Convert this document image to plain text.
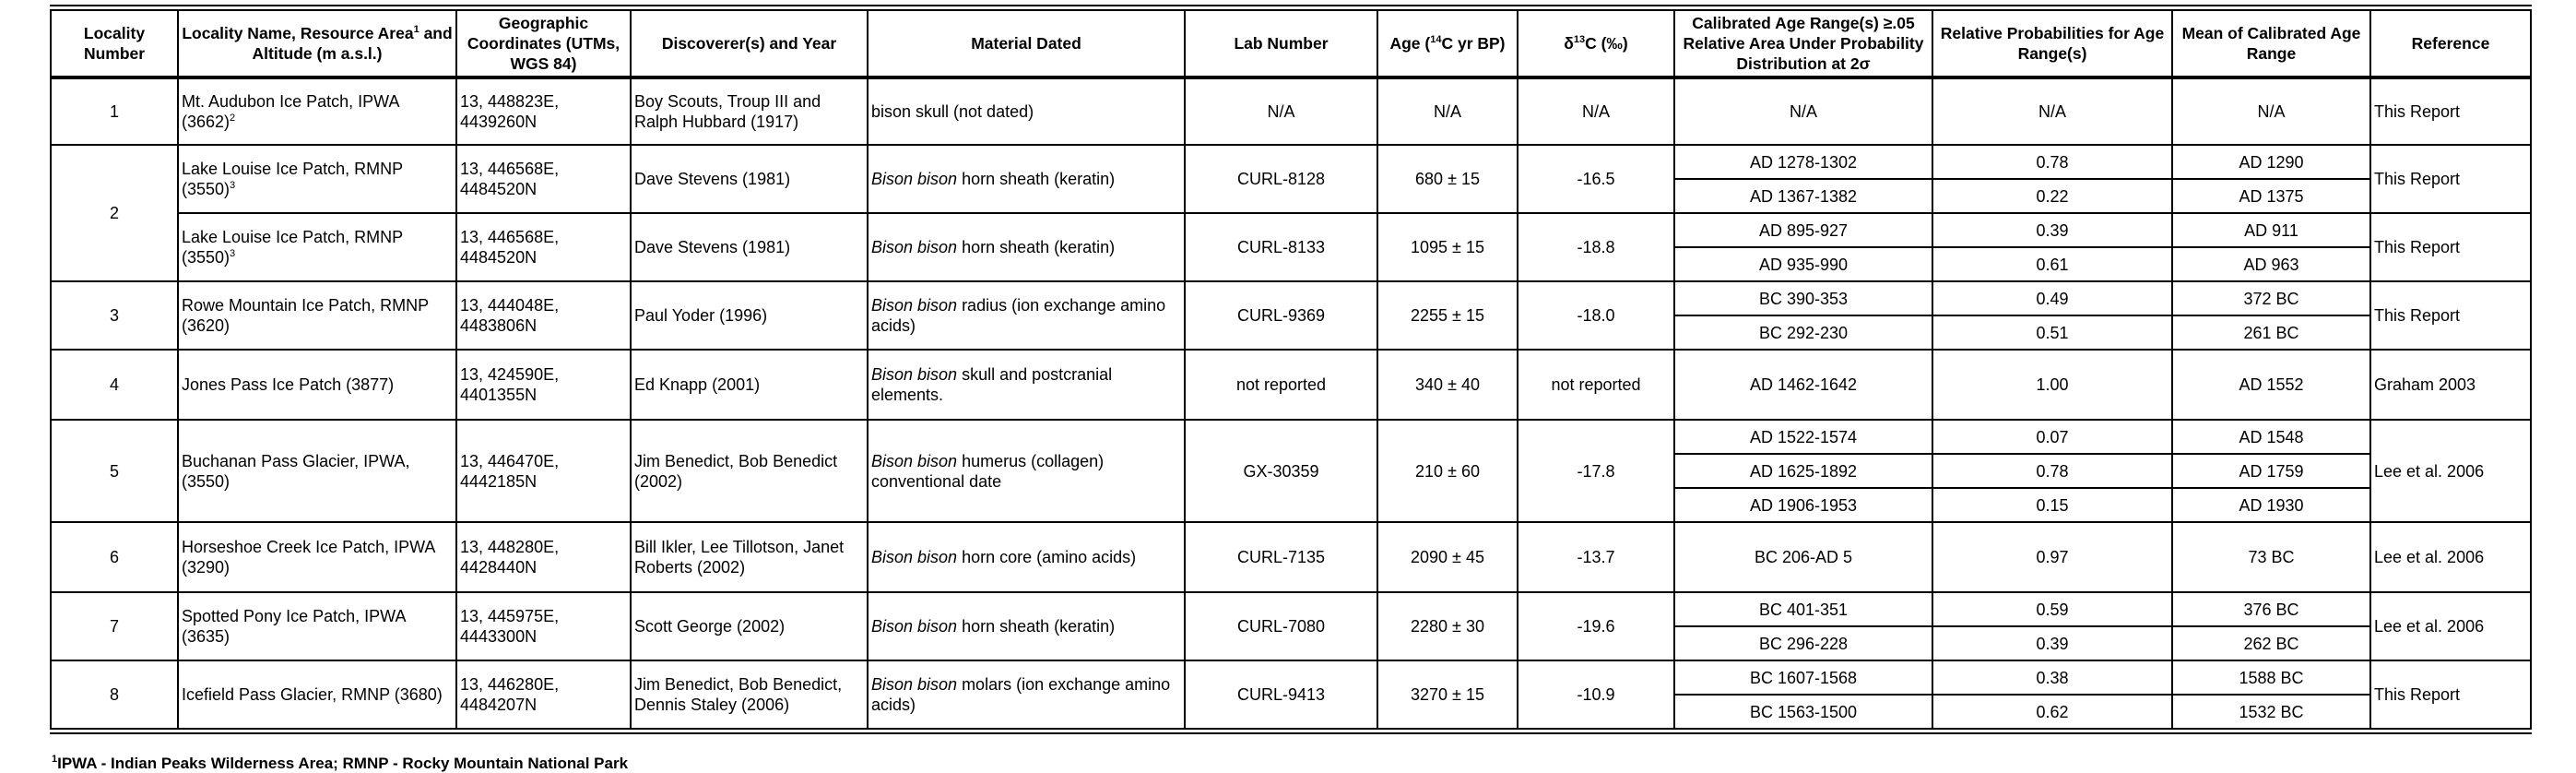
Locality Number	Locality Name, Resource Area$^1$ and Altitude (m a.s.l.)	Geographic Coordinates (UTMs, WGS 84)	Discoverer(s) and Year	Material Dated	Lab Number	Age ($^{14}$C yr BP)	$\delta^{13}C$ (‰)	Calibrated Age Range(s) ≥.05 Relative Area Under Probability Distribution at 2σ	Relative Probabilities for Age Range(s)	Mean of Calibrated Age Range	Reference
1	Mt. Audubon Ice Patch, IPWA $(3662)^2$	13, 448823E, 4439260N	Boy Scouts, Troup III and Ralph Hubbard (1917)	bison skull (not dated)	N/A	N/A	N/A	N/A	N/A	N/A	This Report
2	Lake Louise Ice Patch, RMNP $(3550)^3$	13, 446568E, 4484520N	Dave Stevens (1981)	Bison bison horn sheath (keratin)	CURL-8128	680 ± 15	-16.5	AD 1278-1302	0.78	AD 1290	This Report
								AD 1367-1382	0.22	AD 1375	
	Lake Louise Ice Patch, RMNP $(3550)^3$	13, 446568E, 4484520N	Dave Stevens (1981)	Bison bison horn sheath (keratin)	CURL-8133	1095 ± 15	-18.8	AD 895-927	0.39	AD 911	This Report
								AD 935-990	0.61	AD 963	
3	Rowe Mountain Ice Patch, RMNP (3620)	13, 444048E, 4483806N	Paul Yoder (1996)	Bison bison radius (ion exchange amino acids)	CURL-9369	2255 ± 15	-18.0	BC 390-353	0.49	372 BC	This Report
								BC 292-230	0.51	261 BC	
4	Jones Pass Ice Patch (3877)	13, 424590E, 4401355N	Ed Knapp (2001)	Bison bison skull and postcranial elements.	not reported	340 ± 40	not reported	AD 1462-1642	1.00	AD 1552	Graham 2003
5	Buchanan Pass Glacier, IPWA, (3550)	13, 446470E, 4442185N	Jim Benedict, Bob Benedict (2002)	Bison bison humerus (collagen) conventional date	GX-30359	210 ± 60	-17.8	AD 1522-1574	0.07	AD 1548	Lee et al. 2006
								AD 1625-1892	0.78	AD 1759	
								AD 1906-1953	0.15	AD 1930	
6	Horseshoe Creek Ice Patch, IPWA (3290)	13, 448280E, 4428440N	Bill Ikler, Lee Tillotson, Janet Roberts (2002)	Bison bison horn core (amino acids)	CURL-7135	2090 ± 45	-13.7	BC 206-AD 5	0.97	73 BC	Lee et al. 2006
7	Spotted Pony Ice Patch, IPWA (3635)	13, 445975E, 4443300N	Scott George (2002)	Bison bison horn sheath (keratin)	CURL-7080	2280 ± 30	-19.6	BC 401-351	0.59	376 BC	Lee et al. 2006
								BC 296-228	0.39	262 BC	
8	Icefield Pass Glacier, RMNP (3680)	13, 446280E, 4484207N	Jim Benedict, Bob Benedict, Dennis Staley (2006)	Bison bison molars (ion exchange amino acids)	CURL-9413	3270 ± 15	-10.9	BC 1607-1568	0.38	1588 BC	This Report
								BC 1563-1500	0.62	1532 BC	
$^1$IPWA - Indian Peaks Wilderness Area; RMNP - Rocky Mountain National Park
